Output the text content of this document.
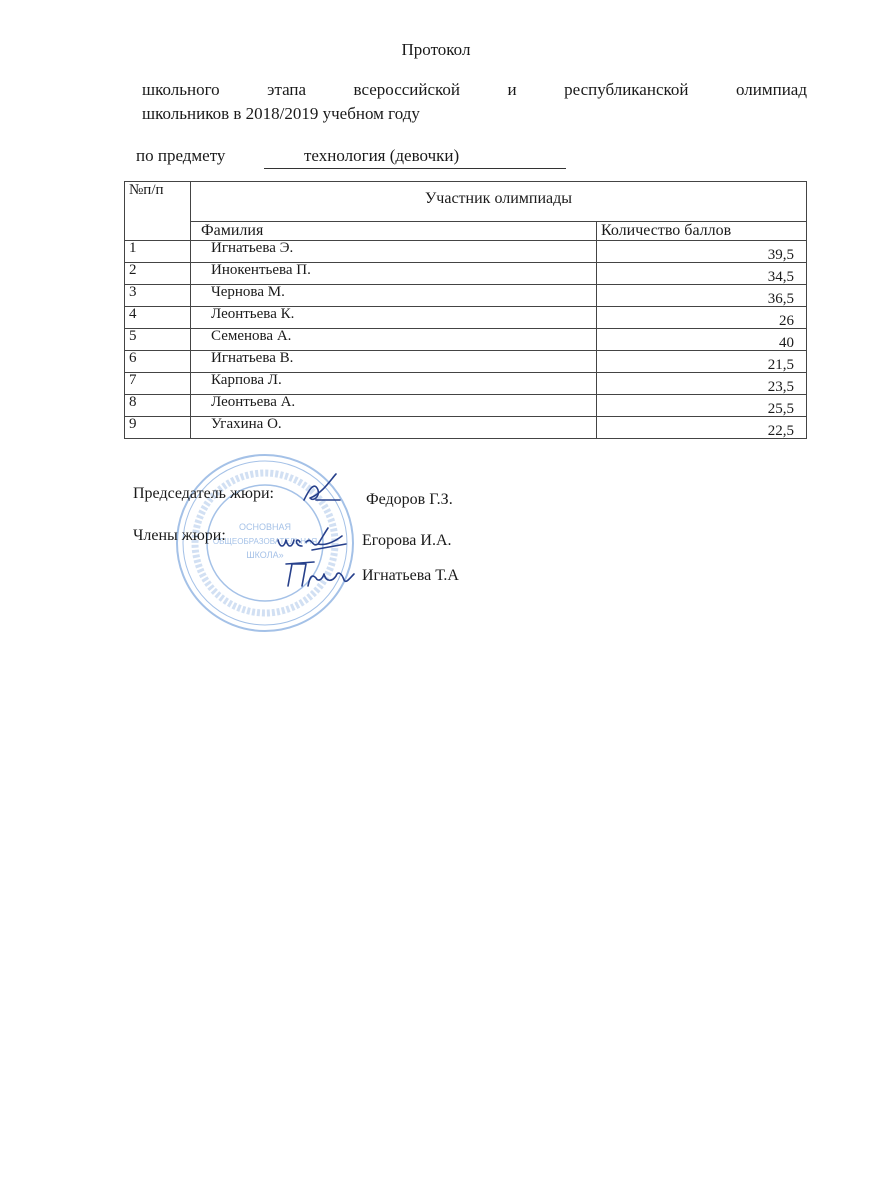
Протокол
школьного этапа всероссийской и республиканской олимпиад
школьников в 2018/2019 учебном году
по предмету	технология (девочки)
№п/п	Участник олимпиады	
	Фамилия	Количество баллов
1	Игнатьева Э.	39,5
2	Инокентьева П.	34,5
3	Чернова М.	36,5
4	Леонтьева К.	26
5	Семенова А.	40
6	Игнатьева В.	21,5
7	Карпова Л.	23,5
8	Леонтьева А.	25,5
9	Угахина О.	22,5
ОСНОВНАЯ
ОБЩЕОБРАЗОВАТЕЛЬНАЯ
ШКОЛА»
Председатель жюри:	Федоров Г.З.
Члены жюри:	Егорова И.А.
Игнатьева Т.А
